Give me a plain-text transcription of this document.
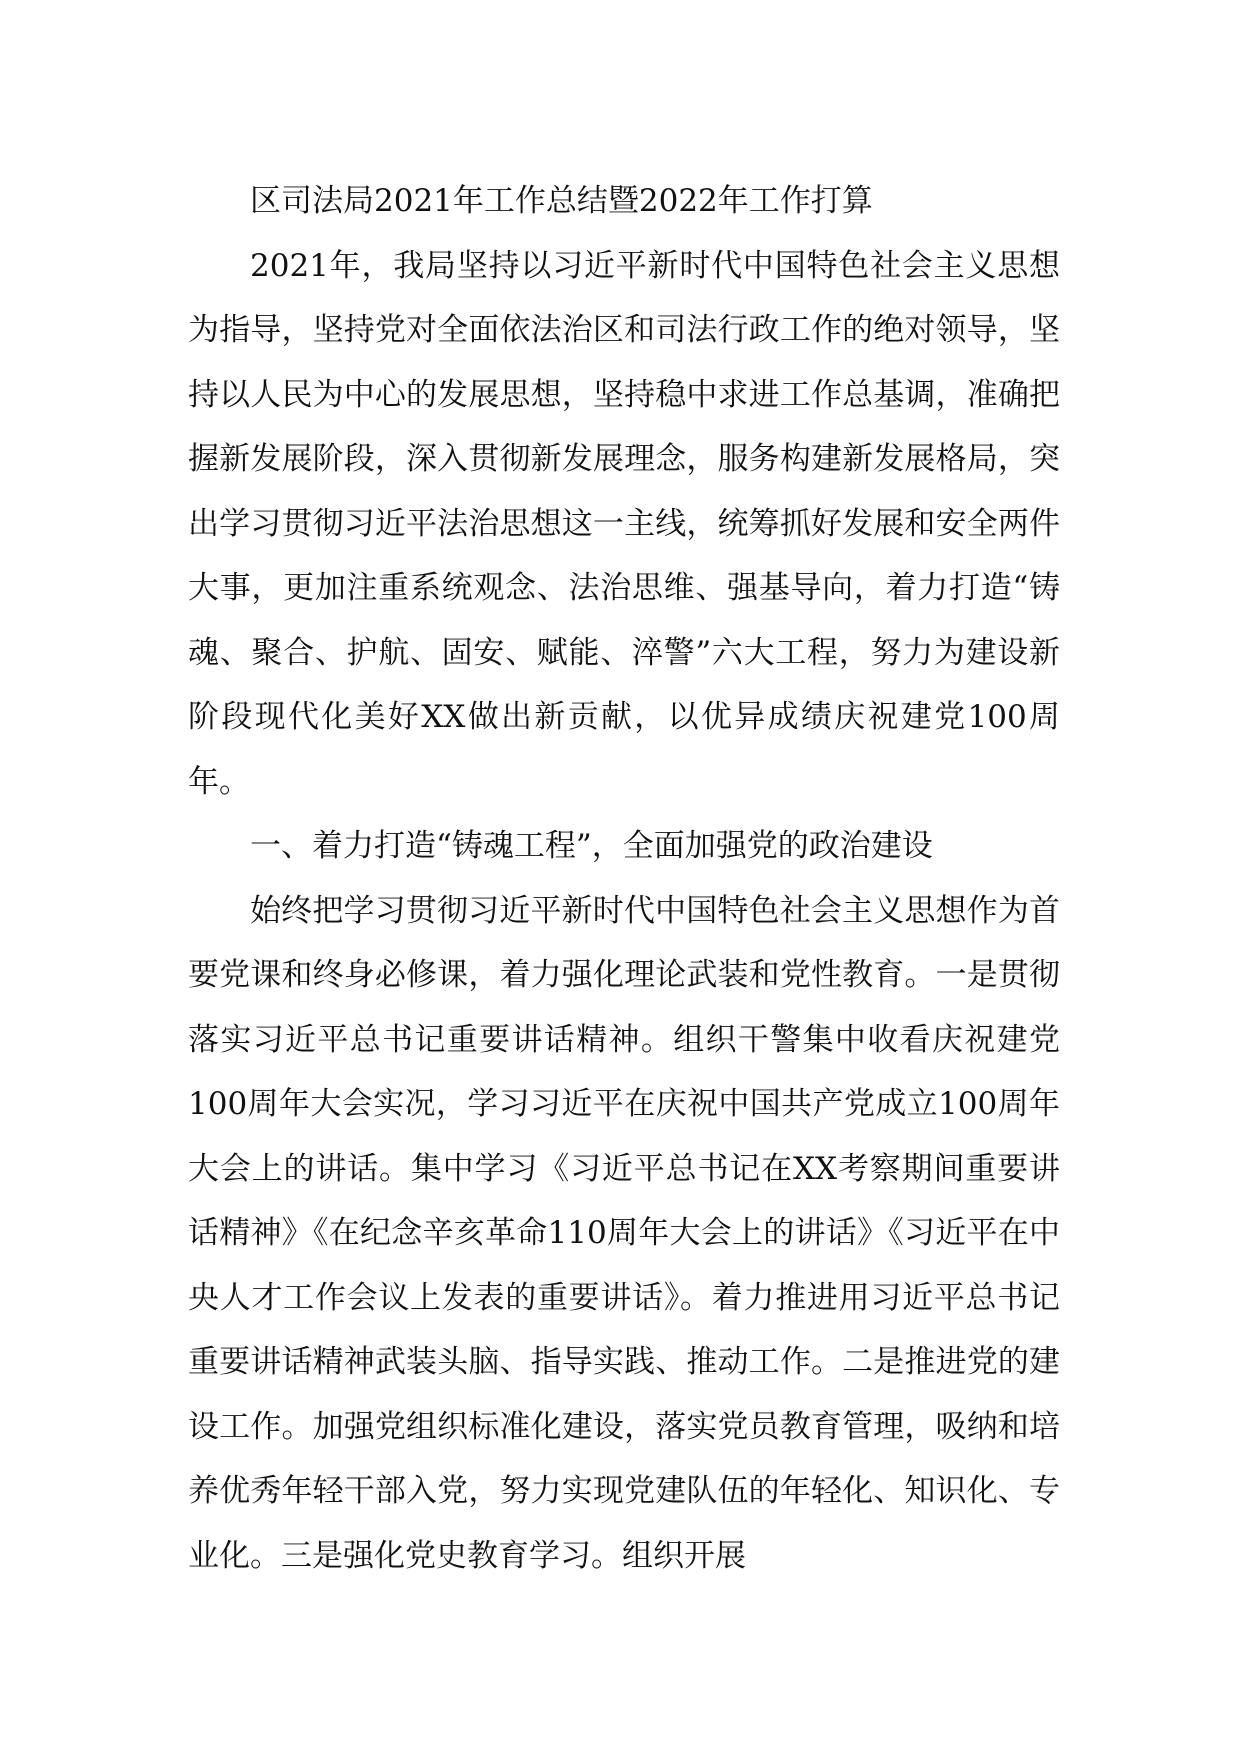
区司法局2021年工作总结暨2022年工作打算

2021年，我局坚持以习近平新时代中国特色社会主义思想为指导，坚持党对全面依法治区和司法行政工作的绝对领导，坚持以人民为中心的发展思想，坚持稳中求进工作总基调，准确把握新发展阶段，深入贯彻新发展理念，服务构建新发展格局，突出学习贯彻习近平法治思想这一主线，统筹抓好发展和安全两件大事，更加注重系统观念、法治思维、强基导向，着力打造“铸魂、聚合、护航、固安、赋能、淬警”六大工程，努力为建设新阶段现代化美好XX做出新贡献，以优异成绩庆祝建党100周年。

一、着力打造“铸魂工程”，全面加强党的政治建设

始终把学习贯彻习近平新时代中国特色社会主义思想作为首要党课和终身必修课，着力强化理论武装和党性教育。一是贯彻落实习近平总书记重要讲话精神。组织干警集中收看庆祝建党100周年大会实况，学习习近平在庆祝中国共产党成立100周年大会上的讲话。集中学习《习近平总书记在XX考察期间重要讲话精神》《在纪念辛亥革命110周年大会上的讲话》《习近平在中央人才工作会议上发表的重要讲话》。着力推进用习近平总书记重要讲话精神武装头脑、指导实践、推动工作。二是推进党的建设工作。加强党组织标准化建设，落实党员教育管理，吸纳和培养优秀年轻干部入党，努力实现党建队伍的年轻化、知识化、专业化。三是强化党史教育学习。组织开展
